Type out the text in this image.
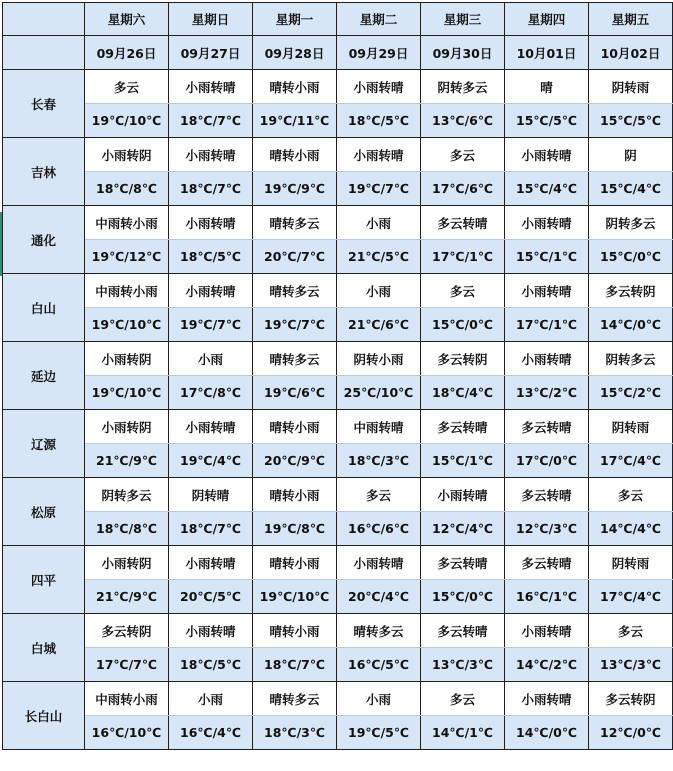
	星期六	星期日	星期一	星期二	星期三	星期四	星期五
	09月26日	09月27日	09月28日	09月29日	09月30日	10月01日	10月02日
长春	多云	小雨转晴	晴转小雨	小雨转晴	阴转多云	晴	阴转雨
	19℃/10℃	18℃/7℃	19℃/11℃	18℃/5℃	13℃/6℃	15℃/5℃	15℃/5℃
吉林	小雨转阴	小雨转晴	晴转小雨	小雨转晴	多云	小雨转晴	阴
	18℃/8℃	18℃/7℃	19℃/9℃	19℃/7℃	17℃/6℃	15℃/4℃	15℃/4℃
通化	中雨转小雨	小雨转晴	晴转多云	小雨	多云转晴	小雨转晴	阴转多云
	19℃/12℃	18℃/5℃	20℃/7℃	21℃/5℃	17℃/1℃	15℃/1℃	15℃/0℃
白山	中雨转小雨	小雨转晴	晴转多云	小雨	多云	小雨转晴	多云转阴
	19℃/10℃	19℃/7℃	19℃/7℃	21℃/6℃	15℃/0℃	17℃/1℃	14℃/0℃
延边	小雨转阴	小雨	晴转多云	阴转小雨	多云转阴	小雨转晴	阴转多云
	19℃/10℃	17℃/8℃	19℃/6℃	25℃/10℃	18℃/4℃	13℃/2℃	15℃/2℃
辽源	小雨转阴	小雨转晴	晴转小雨	中雨转晴	多云转晴	多云转晴	阴转雨
	21℃/9℃	19℃/4℃	20℃/9℃	18℃/3℃	15℃/1℃	17℃/0℃	17℃/4℃
松原	阴转多云	阴转晴	晴转小雨	多云	小雨转晴	多云转晴	多云
	18℃/8℃	18℃/7℃	19℃/8℃	16℃/6℃	12℃/4℃	12℃/3℃	14℃/4℃
四平	小雨转阴	小雨转晴	晴转小雨	小雨转晴	多云转晴	多云转晴	阴转雨
	21℃/9℃	20℃/5℃	19℃/10℃	20℃/4℃	15℃/0℃	16℃/1℃	17℃/4℃
白城	多云转阴	小雨转晴	晴转小雨	晴转多云	多云转晴	小雨转晴	多云
	17℃/7℃	18℃/5℃	18℃/7℃	16℃/5℃	13℃/3℃	14℃/2℃	13℃/3℃
长白山	中雨转小雨	小雨	晴转多云	小雨	多云	小雨转晴	多云转阴
	16℃/10℃	16℃/4℃	18℃/3℃	19℃/5℃	14℃/1℃	14℃/0℃	12℃/0℃
